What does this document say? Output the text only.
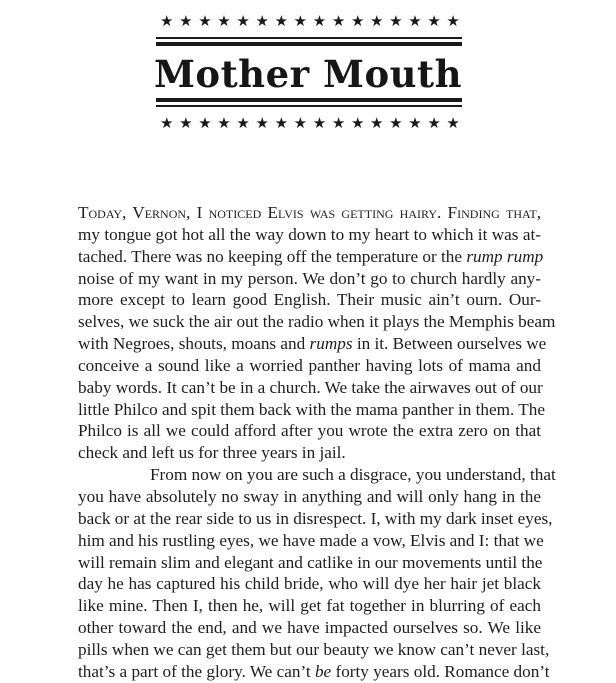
★ ★ ★ ★ ★ ★ ★ ★ ★ ★ ★ ★ ★ ★ ★ ★
Mother Mouth
★ ★ ★ ★ ★ ★ ★ ★ ★ ★ ★ ★ ★ ★ ★ ★
Today, Vernon, I noticed Elvis was getting hairy. Finding that,
my tongue got hot all the way down to my heart to which it was at-
tached. There was no keeping off the temperature or the rump rump
noise of my want in my person. We don’t go to church hardly any-
more except to learn good English. Their music ain’t ourn. Our-
selves, we suck the air out the radio when it plays the Memphis beam
with Negroes, shouts, moans and rumps in it. Between ourselves we
conceive a sound like a worried panther having lots of mama and
baby words. It can’t be in a church. We take the airwaves out of our
little Philco and spit them back with the mama panther in them. The
Philco is all we could afford after you wrote the extra zero on that
check and left us for three years in jail.
From now on you are such a disgrace, you understand, that
you have absolutely no sway in anything and will only hang in the
back or at the rear side to us in disrespect. I, with my dark inset eyes,
him and his rustling eyes, we have made a vow, Elvis and I: that we
will remain slim and elegant and catlike in our movements until the
day he has captured his child bride, who will dye her hair jet black
like mine. Then I, then he, will get fat together in blurring of each
other toward the end, and we have impacted ourselves so. We like
pills when we can get them but our beauty we know can’t never last,
that’s a part of the glory. We can’t be forty years old. Romance don’t
